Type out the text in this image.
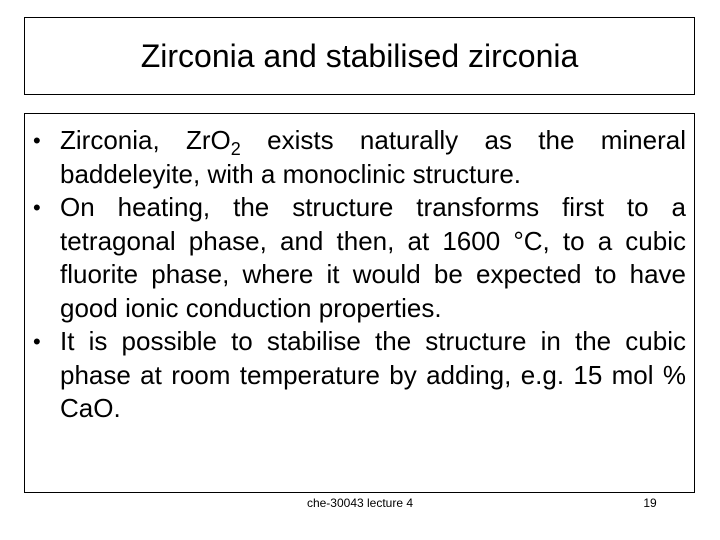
Zirconia and stabilised zirconia
• Zirconia, ZrO$_2$ exists naturally as the mineral baddeleyite, with a monoclinic structure.
• On heating, the structure transforms first to a tetragonal phase, and then, at 1600 °C, to a cubic fluorite phase, where it would be expected to have good ionic conduction properties.
• It is possible to stabilise the structure in the cubic phase at room temperature by adding, e.g. 15 mol % CaO.
che-30043 lecture 4	19
